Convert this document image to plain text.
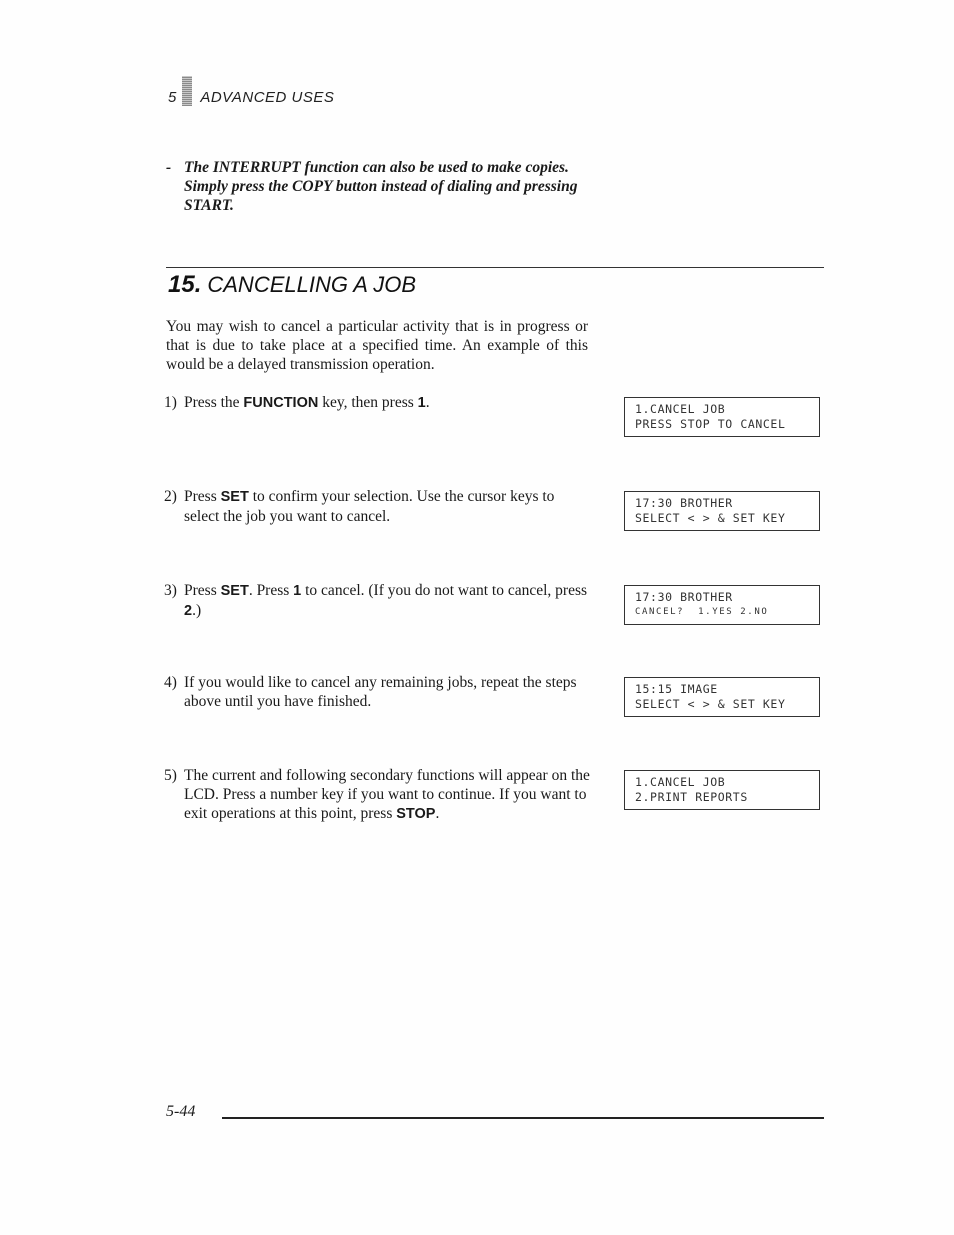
5 ADVANCED USES
- The INTERRUPT function can also be used to make copies. Simply press the COPY button instead of dialing and pressing START.
15. CANCELLING A JOB
You may wish to cancel a particular activity that is in progress or that is due to take place at a specified time. An example of this would be a delayed transmission operation.
1) Press the FUNCTION key, then press 1.	1.CANCEL JOB
PRESS STOP TO CANCEL
2) Press SET to confirm your selection. Use the cursor keys to select the job you want to cancel.
17:30 BROTHER
SELECT < > & SET KEY
3) Press SET. Press 1 to cancel. (If you do not want to cancel, press 2.)
17:30 BROTHER
CANCEL?  1.YES 2.NO
4) If you would like to cancel any remaining jobs, repeat the steps above until you have finished.
15:15 IMAGE
SELECT < > & SET KEY
5) The current and following secondary functions will appear on the LCD. Press a number key if you want to continue. If you want to exit operations at this point, press STOP.
1.CANCEL JOB
2.PRINT REPORTS
5-44
